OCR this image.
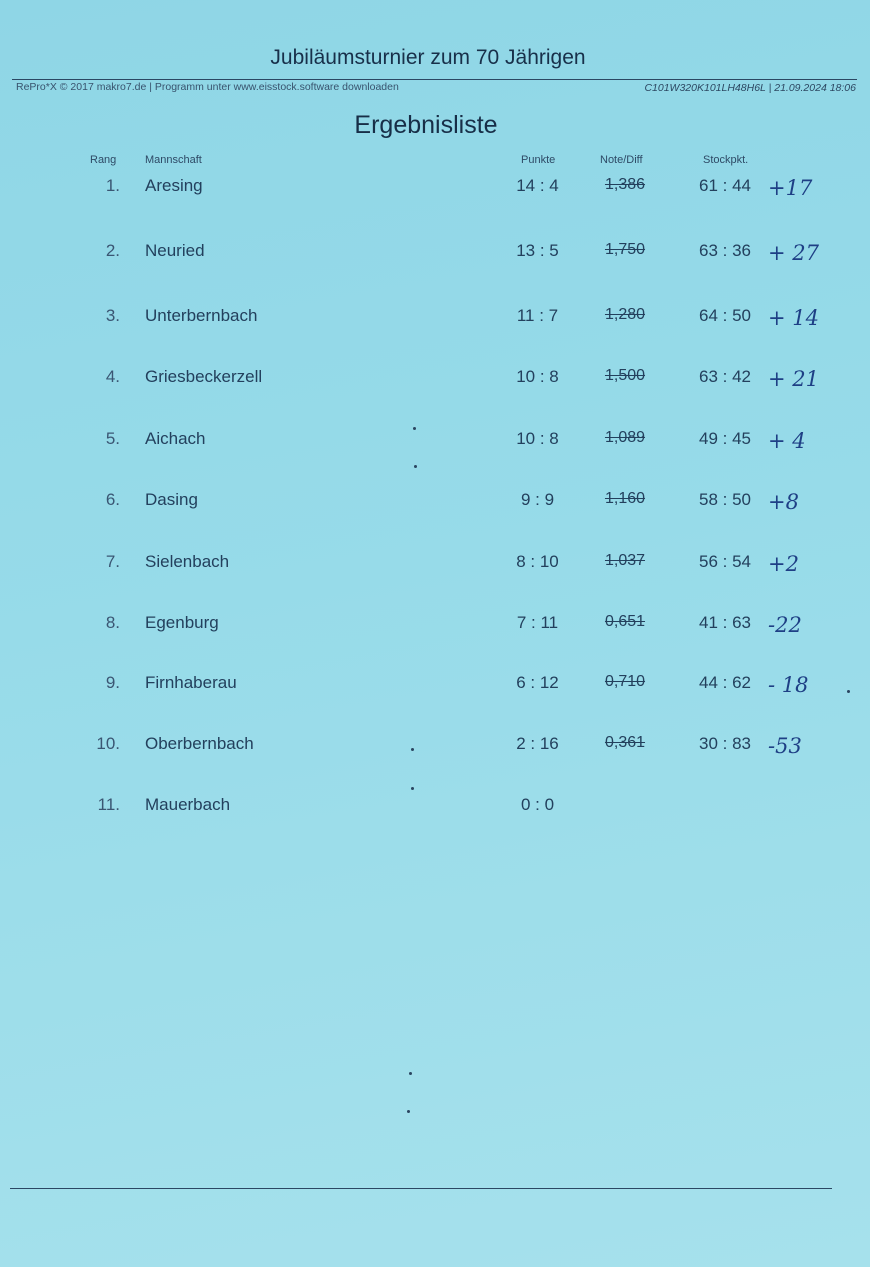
Jubiläumsturnier zum 70 Jährigen
RePro*X © 2017 makro7.de | Programm unter www.eisstock.software downloaden	C101W320K101LH48H6L | 21.09.2024 18:06
Ergebnisliste
Rang	Mannschaft	Punkte	Note/Diff	Stockpkt.
1. Aresing	14 : 4	1,386	61 : 44 +17
2. Neuried	13 : 5	1,750	63 : 36 + 27
3. Unterbernbach	11 : 7	1,280	64 : 50 + 14
4. Griesbeckerzell	10 : 8	1,500	63 : 42 + 21
5. Aichach	10 : 8	1,089	49 : 45 + 4
6. Dasing	9 : 9	1,160	58 : 50 +8
7. Sielenbach	8 : 10	1,037	56 : 54 +2
8. Egenburg	7 : 11	0,651	41 : 63 -22
9. Firnhaberau	6 : 12	0,710	44 : 62 - 18
10. Oberbernbach	2 : 16	0,361	30 : 83 -53
11. Mauerbach	0 : 0
